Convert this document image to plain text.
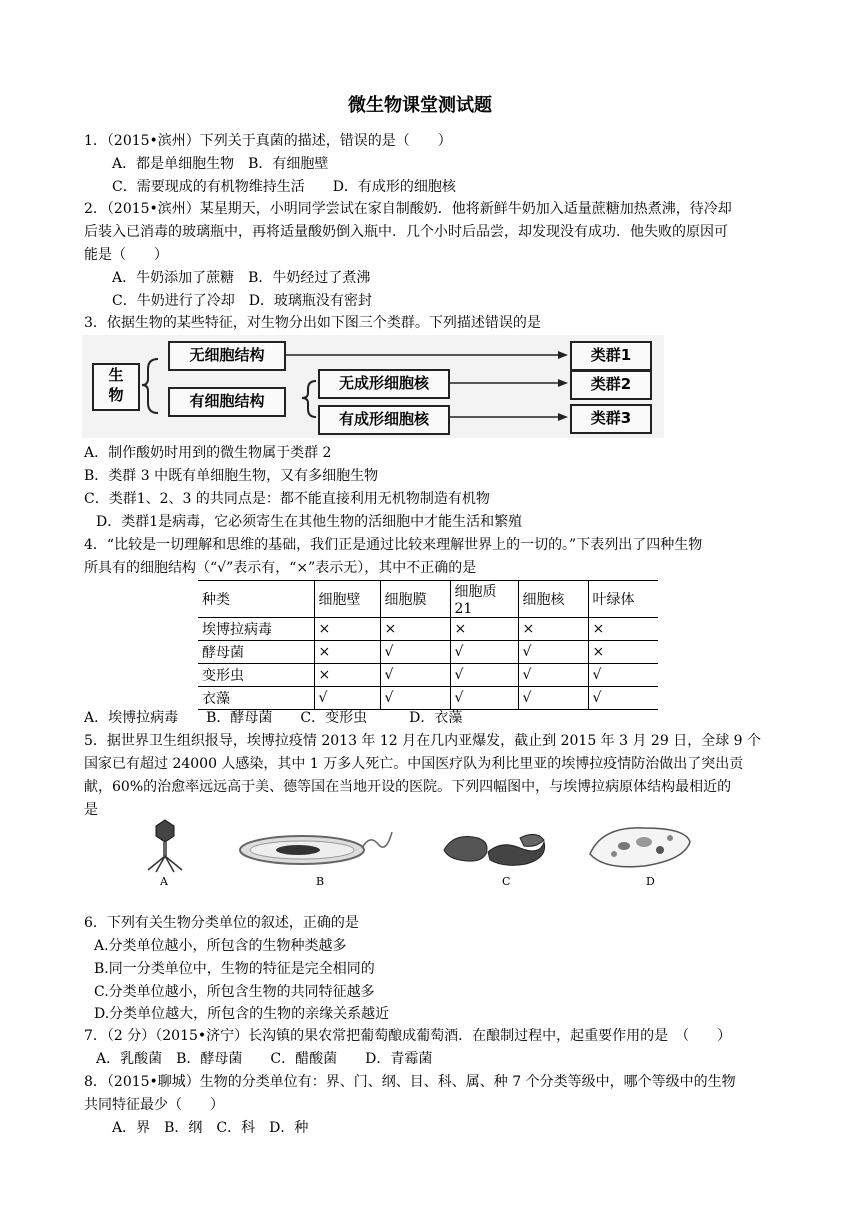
微生物课堂测试题
1．（2015•滨州）下列关于真菌的描述，错误的是（　　）
A．都是单细胞生物　B．有细胞壁
C．需要现成的有机物维持生活　　D．有成形的细胞核
2．（2015•滨州）某星期天，小明同学尝试在家自制酸奶．他将新鲜牛奶加入适量蔗糖加热煮沸，待冷却
后装入已消毒的玻璃瓶中，再将适量酸奶倒入瓶中．几个小时后品尝，却发现没有成功．他失败的原因可
能是（　　）
A．牛奶添加了蔗糖　B．牛奶经过了煮沸
C．牛奶进行了冷却　D．玻璃瓶没有密封
3．依据生物的某些特征，对生物分出如下图三个类群。下列描述错误的是
生物
无细胞结构
有细胞结构
无成形细胞核
有成形细胞核
类群1
类群2
类群3
A．制作酸奶时用到的微生物属于类群 2
B．类群 3 中既有单细胞生物，又有多细胞生物
C．类群1、2、3 的共同点是：都不能直接利用无机物制造有机物
D．类群1是病毒，它必须寄生在其他生物的活细胞中才能生活和繁殖
4．“比较是一切理解和思维的基础，我们正是通过比较来理解世界上的一切的。”下表列出了四种生物
所具有的细胞结构（“√”表示有，“×”表示无），其中不正确的是
种类	细胞壁	细胞膜	细胞质21	细胞核	叶绿体
埃博拉病毒	×	×	×	×	×
酵母菌	×	√	√	√	×
变形虫	×	√	√	√	√
衣藻	√	√	√	√	√
A．埃博拉病毒　　B．酵母菌　　C．变形虫　　　D．衣藻
5．据世界卫生组织报导，埃博拉疫情 2013 年 12 月在几内亚爆发，截止到 2015 年 3 月 29 日，全球 9 个
国家已有超过 24000 人感染，其中 1 万多人死亡。中国医疗队为利比里亚的埃博拉疫情防治做出了突出贡
献，60%的治愈率远远高于美、德等国在当地开设的医院。下列四幅图中，与埃博拉病原体结构最相近的
是
A	B	C	D
6．下列有关生物分类单位的叙述，正确的是
A.分类单位越小，所包含的生物种类越多
B.同一分类单位中，生物的特征是完全相同的
C.分类单位越小，所包含生物的共同特征越多
D.分类单位越大，所包含的生物的亲缘关系越近
7．（2 分）（2015•济宁）长沟镇的果农常把葡萄酿成葡萄酒．在酿制过程中，起重要作用的是　（　　）
A．乳酸菌　B．酵母菌　　C．醋酸菌　　D．青霉菌
8．（2015•聊城）生物的分类单位有：界、门、纲、目、科、属、种 7 个分类等级中，哪个等级中的生物
共同特征最少（　　）
A．界　B．纲　C．科　D．种
